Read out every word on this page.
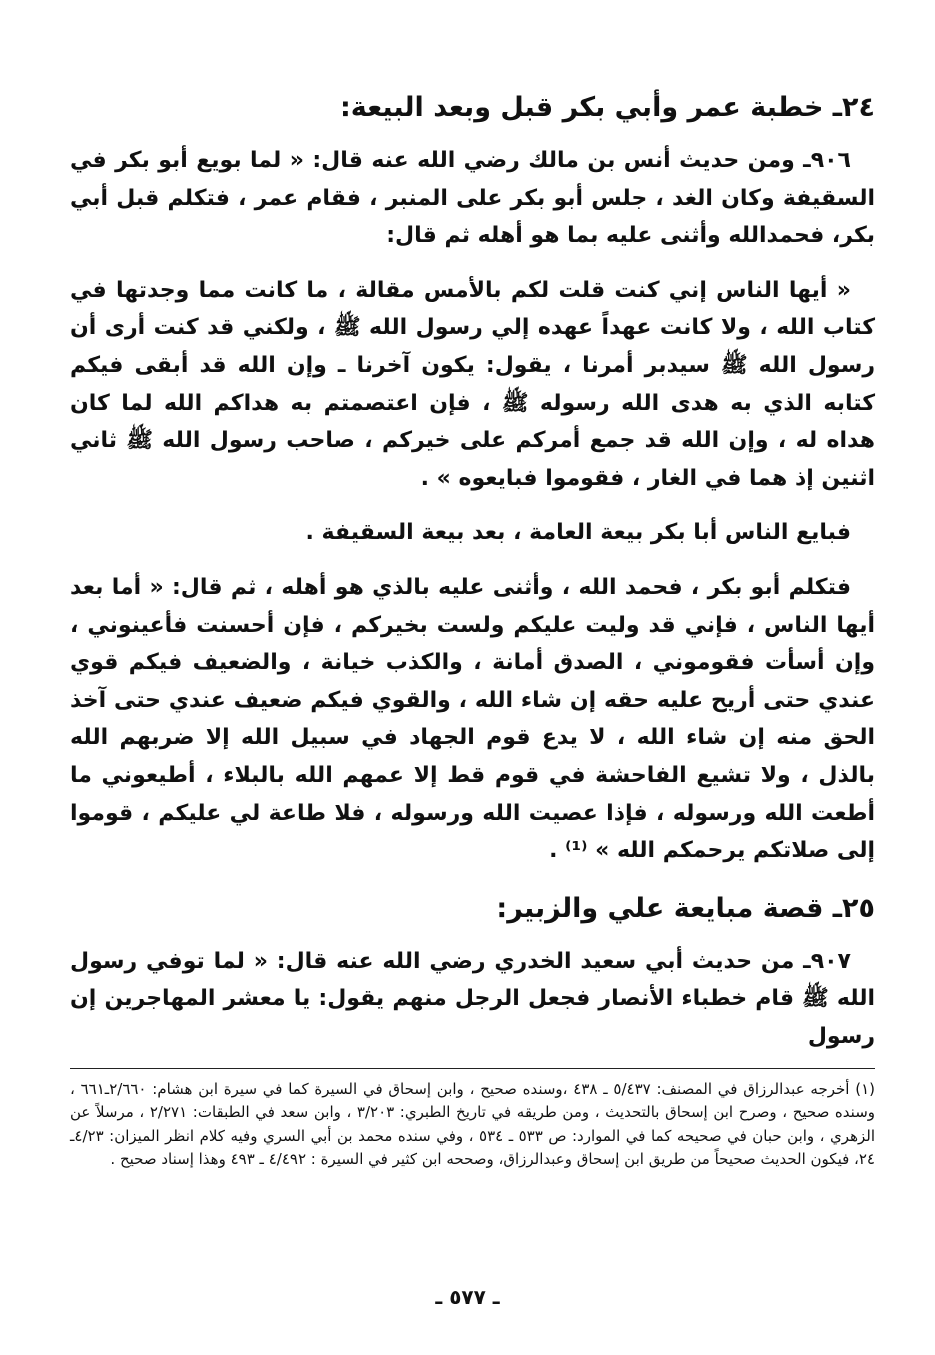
٢٤ـ خطبة عمر وأبي بكر قبل وبعد البيعة:

٩٠٦ـ ومن حديث أنس بن مالك رضي الله عنه قال: « لما بويع أبو بكر في السقيفة وكان الغد ، جلس أبو بكر على المنبر ، فقام عمر ، فتكلم قبل أبي بكر، فحمدالله وأثنى عليه بما هو أهله ثم قال:

« أيها الناس إني كنت قلت لكم بالأمس مقالة ، ما كانت مما وجدتها في كتاب الله ، ولا كانت عهداً عهده إلي رسول الله ﷺ ، ولكني قد كنت أرى أن رسول الله ﷺ سيدبر أمرنا ، يقول: يكون آخرنا ـ وإن الله قد أبقى فيكم كتابه الذي به هدى الله رسوله ﷺ ، فإن اعتصمتم به هداكم الله لما كان هداه له ، وإن الله قد جمع أمركم على خيركم ، صاحب رسول الله ﷺ ثاني اثنين إذ هما في الغار ، فقوموا فبايعوه » .

فبايع الناس أبا بكر بيعة العامة ، بعد بيعة السقيفة .

فتكلم أبو بكر ، فحمد الله ، وأثنى عليه بالذي هو أهله ، ثم قال: « أما بعد أيها الناس ، فإني قد وليت عليكم ولست بخيركم ، فإن أحسنت فأعينوني ، وإن أسأت فقوموني ، الصدق أمانة ، والكذب خيانة ، والضعيف فيكم قوي عندي حتى أريح عليه حقه إن شاء الله ، والقوي فيكم ضعيف عندي حتى آخذ الحق منه إن شاء الله ، لا يدع قوم الجهاد في سبيل الله إلا ضربهم الله بالذل ، ولا تشيع الفاحشة في قوم قط إلا عمهم الله بالبلاء ، أطيعوني ما أطعت الله ورسوله ، فإذا عصيت الله ورسوله ، فلا طاعة لي عليكم ، قوموا إلى صلاتكم يرحمكم الله » ⁽¹⁾ .

٢٥ـ قصة مبايعة علي والزبير:

٩٠٧ـ من حديث أبي سعيد الخدري رضي الله عنه قال: « لما توفي رسول الله ﷺ قام خطباء الأنصار فجعل الرجل منهم يقول: يا معشر المهاجرين إن رسول

(١) أخرجه عبدالرزاق في المصنف: ٥/٤٣٧ ـ ٤٣٨ ،وسنده صحيح ، وابن إسحاق في السيرة كما في سيرة ابن هشام: ٢/٦٦٠ـ٦٦١ ، وسنده صحيح ، وصرح ابن إسحاق بالتحديث ، ومن طريقه في تاريخ الطبري: ٣/٢٠٣ ، وابن سعد في الطبقات: ٢/٢٧١ ، مرسلاً عن الزهري ، وابن حبان في صحيحه كما في الموارد: ص ٥٣٣ ـ ٥٣٤ ، وفي سنده محمد بن أبي السري وفيه كلام انظر الميزان: ٤/٢٣ـ ٢٤، فيكون الحديث صحيحاً من طريق ابن إسحاق وعبدالرزاق، وصححه ابن كثير في السيرة : ٤/٤٩٢ ـ ٤٩٣ وهذا إسناد صحيح .
ـ ٥٧٧ ـ
